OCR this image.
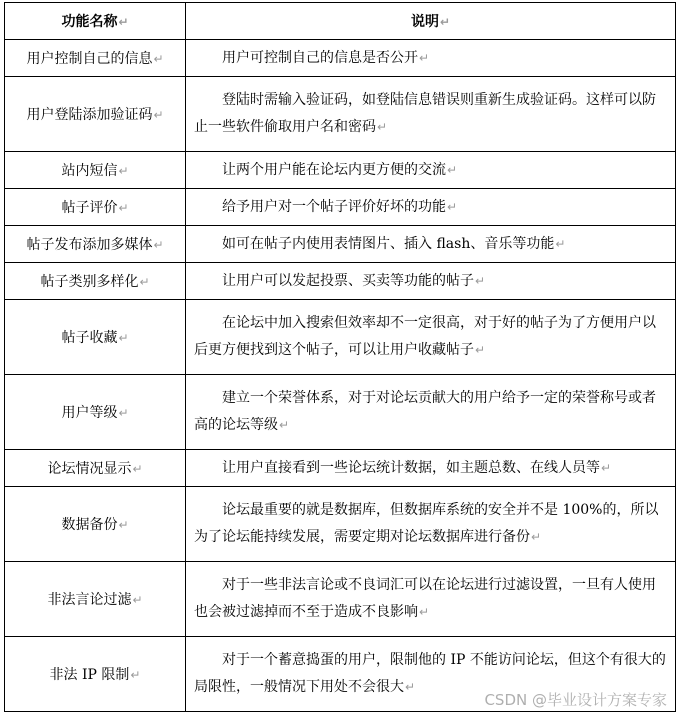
功能名称↵	说明↵
用户控制自己的信息↵	用户可控制自己的信息是否公开↵

用户登陆添加验证码↵	登陆时需输入验证码，如登陆信息错误则重新生成验证码。这样可以防止一些软件偷取用户名和密码↵

站内短信↵	让两个用户能在论坛内更方便的交流↵

帖子评价↵	给予用户对一个帖子评价好坏的功能↵

帖子发布添加多媒体↵	如可在帖子内使用表情图片、插入 flash、音乐等功能↵

帖子类别多样化↵	让用户可以发起投票、买卖等功能的帖子↵

帖子收藏↵	在论坛中加入搜索但效率却不一定很高，对于好的帖子为了方便用户以后更方便找到这个帖子，可以让用户收藏帖子↵

用户等级↵	建立一个荣誉体系，对于对论坛贡献大的用户给予一定的荣誉称号或者高的论坛等级↵

论坛情况显示↵	让用户直接看到一些论坛统计数据，如主题总数、在线人员等↵

数据备份↵	论坛最重要的就是数据库，但数据库系统的安全并不是 100%的，所以为了论坛能持续发展，需要定期对论坛数据库进行备份↵

非法言论过滤↵	对于一些非法言论或不良词汇可以在论坛进行过滤设置，一旦有人使用也会被过滤掉而不至于造成不良影响↵

非法 IP 限制↵	对于一个蓄意捣蛋的用户，限制他的 IP 不能访问论坛，但这个有很大的局限性，一般情况下用处不会很大↵
CSDN @毕业设计方案专家
